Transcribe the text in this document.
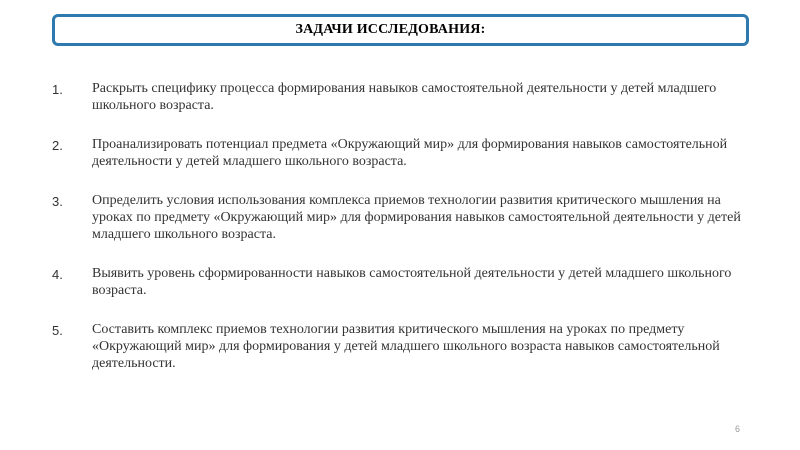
ЗАДАЧИ ИССЛЕДОВАНИЯ:
1.	Раскрыть специфику процесса формирования навыков самостоятельной деятельности у детей младшего школьного возраста.
2.	Проанализировать потенциал предмета «Окружающий мир» для формирования навыков самостоятельной деятельности у детей младшего школьного возраста.
3.	Определить условия использования комплекса приемов технологии развития критического мышления на уроках по предмету «Окружающий мир» для формирования навыков самостоятельной деятельности у детей младшего школьного возраста.
4.	Выявить уровень сформированности навыков самостоятельной деятельности у детей младшего школьного возраста.
5.	Составить комплекс приемов технологии развития критического мышления на уроках по предмету «Окружающий мир» для формирования у детей младшего школьного возраста навыков самостоятельной деятельности.
6
